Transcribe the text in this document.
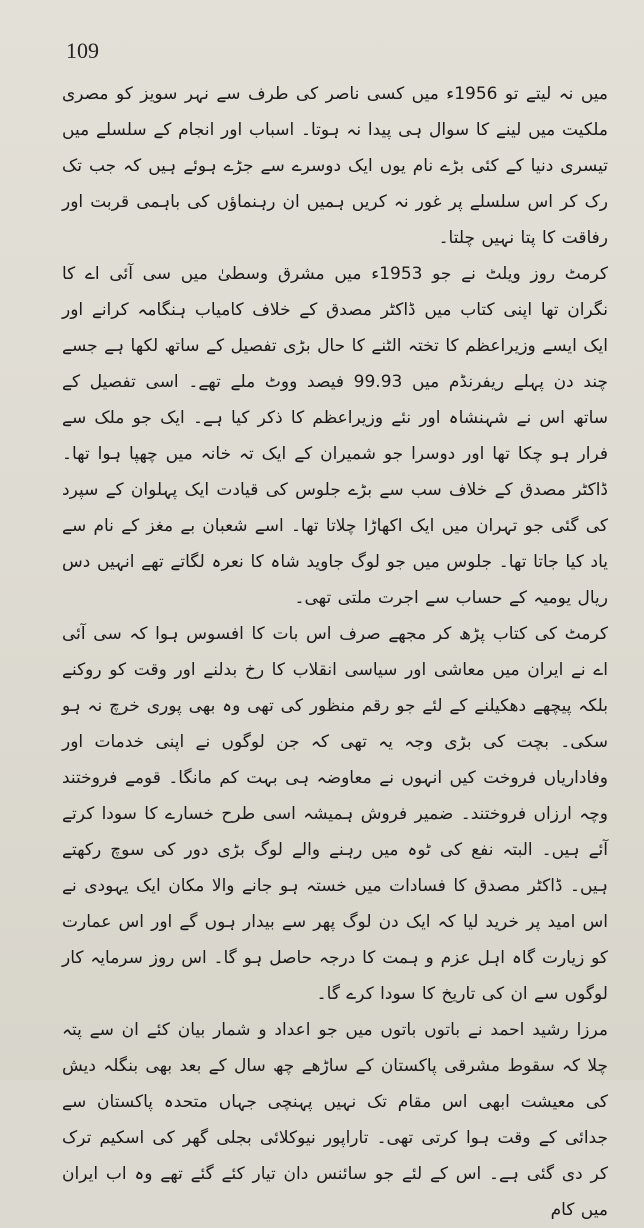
109

میں نہ لیتے تو 1956ء میں کسی ناصر کی طرف سے نہر سویز کو مصری ملکیت میں لینے کا سوال ہی پیدا نہ ہوتا۔ اسباب اور انجام کے سلسلے میں تیسری دنیا کے کئی بڑے نام یوں ایک دوسرے سے جڑے ہوئے ہیں کہ جب تک رک کر اس سلسلے پر غور نہ کریں ہمیں ان رہنماؤں کی باہمی قربت اور رفاقت کا پتا نہیں چلتا۔

کرمٹ روز ویلٹ نے جو 1953ء میں مشرق وسطیٰ میں سی آئی اے کا نگران تھا اپنی کتاب میں ڈاکٹر مصدق کے خلاف کامیاب ہنگامہ کرانے اور ایک ایسے وزیراعظم کا تختہ الٹنے کا حال بڑی تفصیل کے ساتھ لکھا ہے جسے چند دن پہلے ریفرنڈم میں 99.93 فیصد ووٹ ملے تھے۔ اسی تفصیل کے ساتھ اس نے شہنشاہ اور نئے وزیراعظم کا ذکر کیا ہے۔ ایک جو ملک سے فرار ہو چکا تھا اور دوسرا جو شمیران کے ایک تہ خانہ میں چھپا ہوا تھا۔ ڈاکٹر مصدق کے خلاف سب سے بڑے جلوس کی قیادت ایک پہلوان کے سپرد کی گئی جو تہران میں ایک اکھاڑا چلاتا تھا۔ اسے شعبان بے مغز کے نام سے یاد کیا جاتا تھا۔ جلوس میں جو لوگ جاوید شاہ کا نعرہ لگاتے تھے انہیں دس ریال یومیہ کے حساب سے اجرت ملتی تھی۔

کرمٹ کی کتاب پڑھ کر مجھے صرف اس بات کا افسوس ہوا کہ سی آئی اے نے ایران میں معاشی اور سیاسی انقلاب کا رخ بدلنے اور وقت کو روکنے بلکہ پیچھے دھکیلنے کے لئے جو رقم منظور کی تھی وہ بھی پوری خرچ نہ ہو سکی۔ بچت کی بڑی وجہ یہ تھی کہ جن لوگوں نے اپنی خدمات اور وفاداریاں فروخت کیں انہوں نے معاوضہ ہی بہت کم مانگا۔ قومے فروختند وچہ ارزاں فروختند۔ ضمیر فروش ہمیشہ اسی طرح خسارے کا سودا کرتے آئے ہیں۔ البتہ نفع کی ٹوہ میں رہنے والے لوگ بڑی دور کی سوچ رکھتے ہیں۔ ڈاکٹر مصدق کا فسادات میں خستہ ہو جانے والا مکان ایک یہودی نے اس امید پر خرید لیا کہ ایک دن لوگ پھر سے بیدار ہوں گے اور اس عمارت کو زیارت گاہ اہل عزم و ہمت کا درجہ حاصل ہو گا۔ اس روز سرمایہ کار لوگوں سے ان کی تاریخ کا سودا کرے گا۔

مرزا رشید احمد نے باتوں باتوں میں جو اعداد و شمار بیان کئے ان سے پتہ چلا کہ سقوط مشرقی پاکستان کے ساڑھے چھ سال کے بعد بھی بنگلہ دیش کی معیشت ابھی اس مقام تک نہیں پہنچی جہاں متحدہ پاکستان سے جدائی کے وقت ہوا کرتی تھی۔ تاراپور نیوکلائی بجلی گھر کی اسکیم ترک کر دی گئی ہے۔ اس کے لئے جو سائنس دان تیار کئے گئے تھے وہ اب ایران میں کام
